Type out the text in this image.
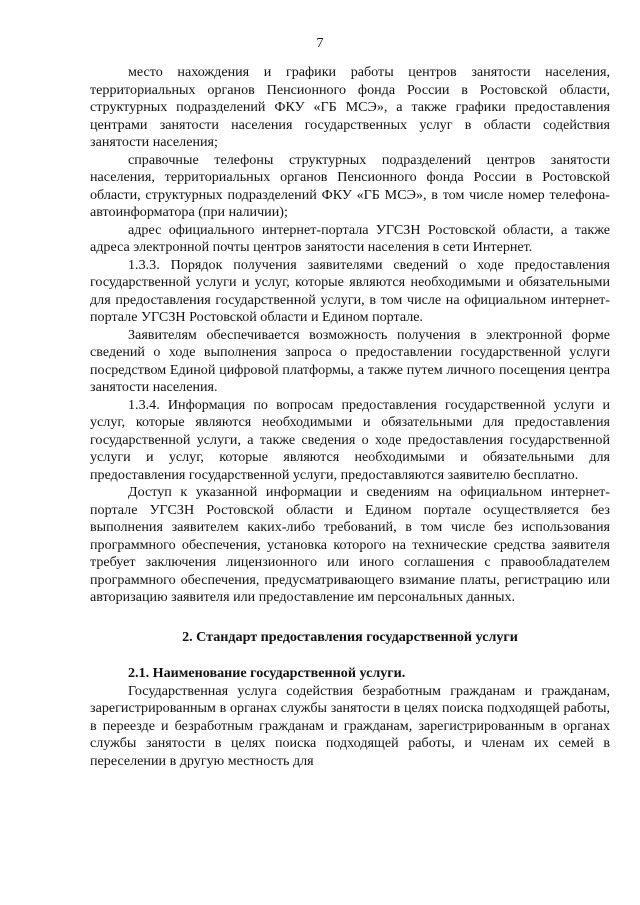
7

место нахождения и графики работы центров занятости населения, территориальных органов Пенсионного фонда России в Ростовской области, структурных подразделений ФКУ «ГБ МСЭ», а также графики предоставления центрами занятости населения государственных услуг в области содействия занятости населения;

справочные телефоны структурных подразделений центров занятости населения, территориальных органов Пенсионного фонда России в Ростовской области, структурных подразделений ФКУ «ГБ МСЭ», в том числе номер телефона-автоинформатора (при наличии);

адрес официального интернет-портала УГСЗН Ростовской области, а также адреса электронной почты центров занятости населения в сети Интернет.

1.3.3. Порядок получения заявителями сведений о ходе предоставления государственной услуги и услуг, которые являются необходимыми и обязательными для предоставления государственной услуги, в том числе на официальном интернет-портале УГСЗН Ростовской области и Едином портале.

Заявителям обеспечивается возможность получения в электронной форме сведений о ходе выполнения запроса о предоставлении государственной услуги посредством Единой цифровой платформы, а также путем личного посещения центра занятости населения.

1.3.4. Информация по вопросам предоставления государственной услуги и услуг, которые являются необходимыми и обязательными для предоставления государственной услуги, а также сведения о ходе предоставления государственной услуги и услуг, которые являются необходимыми и обязательными для предоставления государственной услуги, предоставляются заявителю бесплатно.

Доступ к указанной информации и сведениям на официальном интернет-портале УГСЗН Ростовской области и Едином портале осуществляется без выполнения заявителем каких-либо требований, в том числе без использования программного обеспечения, установка которого на технические средства заявителя требует заключения лицензионного или иного соглашения с правообладателем программного обеспечения, предусматривающего взимание платы, регистрацию или авторизацию заявителя или предоставление им персональных данных.

2. Стандарт предоставления государственной услуги
2.1. Наименование государственной услуги.

Государственная услуга содействия безработным гражданам и гражданам, зарегистрированным в органах службы занятости в целях поиска подходящей работы, в переезде и безработным гражданам и гражданам, зарегистрированным в органах службы занятости в целях поиска подходящей работы, и членам их семей в переселении в другую местность для
